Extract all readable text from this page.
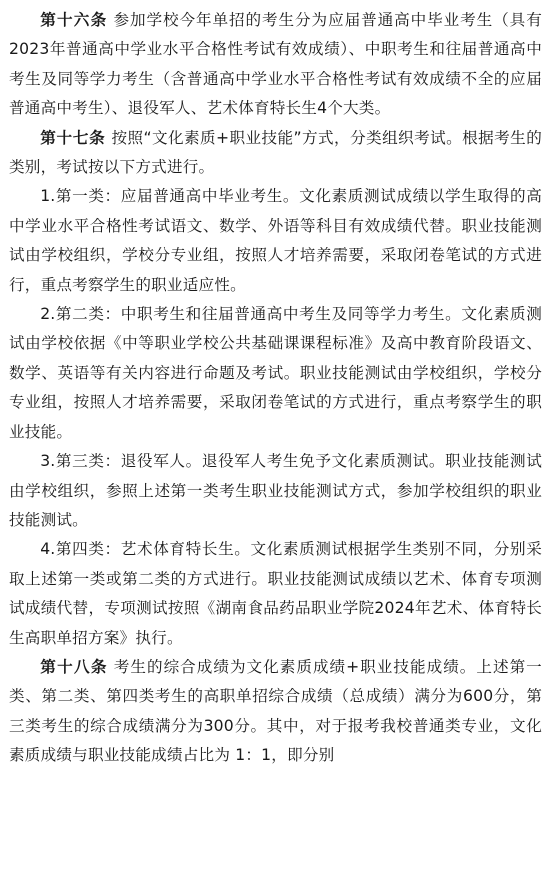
第十六条 参加学校今年单招的考生分为应届普通高中毕业考生（具有2023年普通高中学业水平合格性考试有效成绩）、中职考生和往届普通高中考生及同等学力考生（含普通高中学业水平合格性考试有效成绩不全的应届普通高中考生）、退役军人、艺术体育特长生4个大类。

第十七条 按照“文化素质+职业技能”方式，分类组织考试。根据考生的类别，考试按以下方式进行。

1.第一类：应届普通高中毕业考生。文化素质测试成绩以学生取得的高中学业水平合格性考试语文、数学、外语等科目有效成绩代替。职业技能测试由学校组织，学校分专业组，按照人才培养需要，采取闭卷笔试的方式进行，重点考察学生的职业适应性。

2.第二类：中职考生和往届普通高中考生及同等学力考生。文化素质测试由学校依据《中等职业学校公共基础课课程标准》及高中教育阶段语文、数学、英语等有关内容进行命题及考试。职业技能测试由学校组织，学校分专业组，按照人才培养需要，采取闭卷笔试的方式进行，重点考察学生的职业技能。

3.第三类：退役军人。退役军人考生免予文化素质测试。职业技能测试由学校组织，参照上述第一类考生职业技能测试方式，参加学校组织的职业技能测试。

4.第四类：艺术体育特长生。文化素质测试根据学生类别不同，分别采取上述第一类或第二类的方式进行。职业技能测试成绩以艺术、体育专项测试成绩代替，专项测试按照《湖南食品药品职业学院2024年艺术、体育特长生高职单招方案》执行。

第十八条 考生的综合成绩为文化素质成绩+职业技能成绩。上述第一类、第二类、第四类考生的高职单招综合成绩（总成绩）满分为600分，第三类考生的综合成绩满分为300分。其中，对于报考我校普通类专业，文化素质成绩与职业技能成绩占比为 1：1，即分别
